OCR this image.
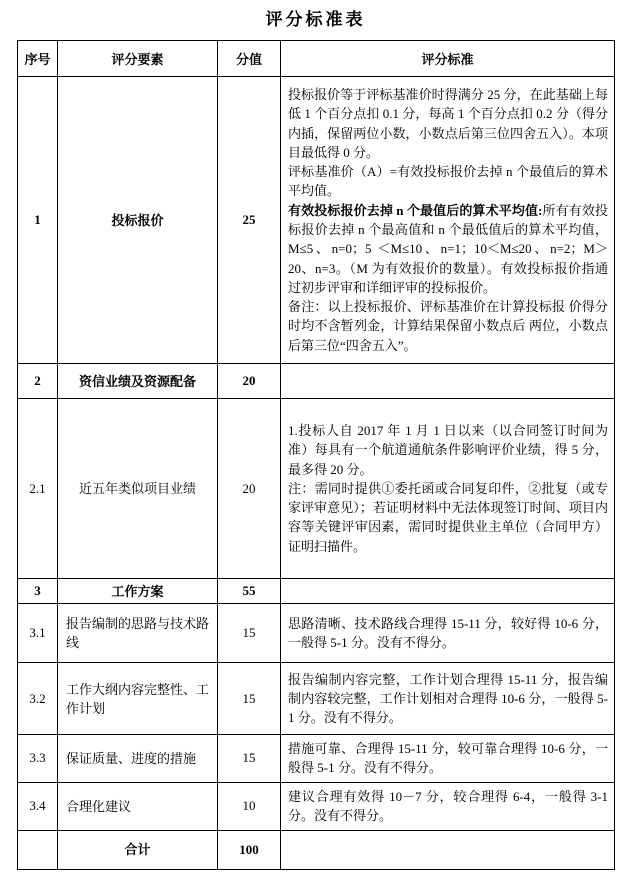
评分标准表
序号	评分要素	分值	评分标准
1	投标报价	25	投标报价等于评标基准价时得满分 25 分，在此基础上每低 1 个百分点扣 0.1 分，每高 1 个百分点扣 0.2 分（得分内插，保留两位小数，小数点后第三位四舍五入）。本项目最低得 0 分。

评标基准价（A）=有效投标报价去掉 n 个最值后的算术平均值。

有效投标报价去掉 n 个最值后的算术平均值:所有有效投标报价去掉 n 个最高值和 n 个最低值后的算术平均值，M≤5、n=0；5 ＜M≤10、n=1；10＜M≤20、n=2；M＞20、n=3。（M 为有效报价的数量）。有效投标报价指通过初步评审和详细评审的投标报价。

备注：以上投标报价、评标基准价在计算投标报 价得分时均不含暂列金，计算结果保留小数点后 两位，小数点后第三位“四舍五入”。

2	资信业绩及资源配备	20	
2.1	近五年类似项目业绩	20	1.投标人自 2017 年 1 月 1 日以来（以合同签订时间为准）每具有一个航道通航条件影响评价业绩，得 5 分，最多得 20 分。

注：需同时提供①委托函或合同复印件，②批复（或专家评审意见）；若证明材料中无法体现签订时间、项目内容等关键评审因素，需同时提供业主单位（合同甲方）证明扫描件。

3	工作方案	55	
3.1	报告编制的思路与技术路线	15	思路清晰、技术路线合理得 15-11 分，较好得 10-6 分，一般得 5-1 分。没有不得分。
3.2	工作大纲内容完整性、工作计划	15	报告编制内容完整，工作计划合理得 15-11 分，报告编制内容较完整，工作计划相对合理得 10-6 分，一般得 5-1 分。没有不得分。
3.3	保证质量、进度的措施	15	措施可靠、合理得 15-11 分，较可靠合理得 10-6 分，一般得 5-1 分。没有不得分。
3.4	合理化建议	10	建议合理有效得 10－7 分，较合理得 6-4，一般得 3-1 分。没有不得分。
	合计	100	
